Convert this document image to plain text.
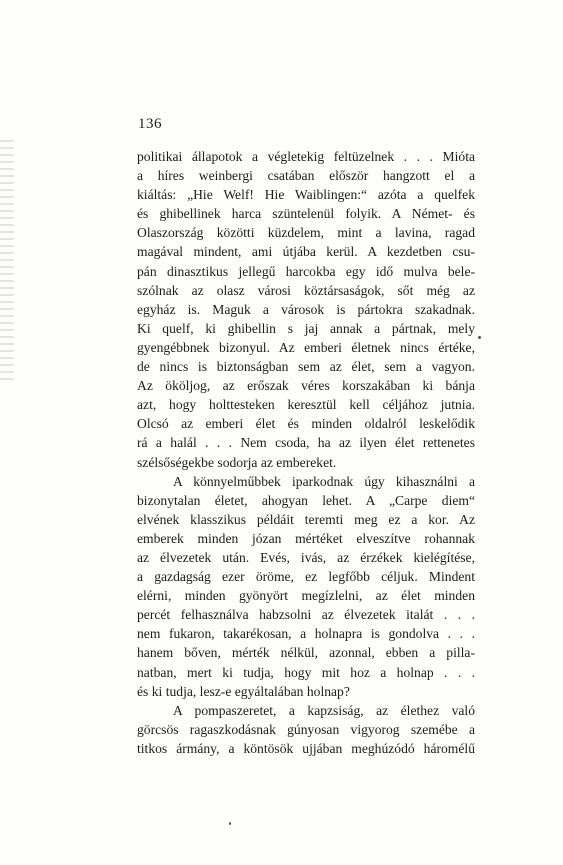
136
politikai állapotok a végletekig feltüzelnek . . . Mióta
a híres weinbergi csatában először hangzott el a
kiáltás: „Hie Welf! Hie Waiblingen:“ azóta a quelfek
és ghibellinek harca szüntelenül folyik. A Német- és
Olaszország közötti küzdelem, mint a lavina, ragad
magával mindent, ami útjába kerül. A kezdetben csu-
pán dinasztikus jellegű harcokba egy idő mulva bele-
szólnak az olasz városi köztársaságok, sőt még az
egyház is. Maguk a városok is pártokra szakadnak.
Ki quelf, ki ghibellin s jaj annak a pártnak, mely
gyengébbnek bizonyul. Az emberi életnek nincs értéke,
de nincs is biztonságban sem az élet, sem a vagyon.
Az ököljog, az erőszak véres korszakában ki bánja
azt, hogy holttesteken keresztül kell céljához jutnia.
Olcsó az emberi élet és minden oldalról leskelődik
rá a halál . . . Nem csoda, ha az ilyen élet rettenetes
szélsőségekbe sodorja az embereket.
A könnyelműbbek iparkodnak úgy kihasználni a
bizonytalan életet, ahogyan lehet. A „Carpe diem“
elvének klasszikus példáit teremti meg ez a kor. Az
emberek minden józan mértéket elveszítve rohannak
az élvezetek után. Evés, ivás, az érzékek kielégítése,
a gazdagság ezer öröme, ez legfőbb céljuk. Mindent
elérni, minden gyönyört megízlelni, az élet minden
percét felhasználva habzsolni az élvezetek italát . . .
nem fukaron, takarékosan, a holnapra is gondolva . . .
hanem bőven, mérték nélkül, azonnal, ebben a pilla-
natban, mert ki tudja, hogy mit hoz a holnap . . .
és ki tudja, lesz-e egyáltalában holnap?
A pompaszeretet, a kapzsiság, az élethez való
görcsös ragaszkodásnak gúnyosan vigyorog szemébe a
titkos ármány, a köntösök ujjában meghúzódó háromélű
